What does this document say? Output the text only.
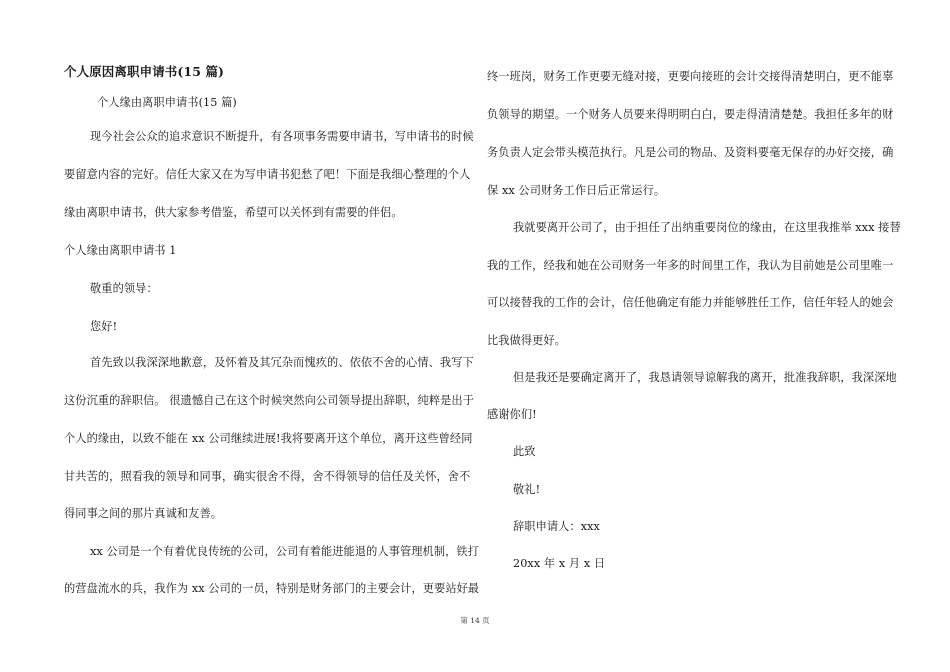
个人原因离职申请书(15 篇)
个人缘由离职申请书(15 篇)
现今社会公众的追求意识不断提升，有各项事务需要申请书，写申请书的时候
要留意内容的完好。信任大家又在为写申请书犯愁了吧！下面是我细心整理的个人
缘由离职申请书，供大家参考借鉴，希望可以关怀到有需要的伴侣。
个人缘由离职申请书 1
敬重的领导：
您好!
首先致以我深深地歉意，及怀着及其冗杂而愧疚的、依依不舍的心情、我写下
这份沉重的辞职信。 很遗憾自己在这个时候突然向公司领导提出辞职，纯粹是出于
个人的缘由，以致不能在 xx 公司继续进展!我将要离开这个单位，离开这些曾经同
甘共苦的，照看我的领导和同事，确实很舍不得，舍不得领导的信任及关怀，舍不
得同事之间的那片真诚和友善。
xx 公司是一个有着优良传统的公司，公司有着能进能退的人事管理机制，铁打
的营盘流水的兵，我作为 xx 公司的一员，特别是财务部门的主要会计，更要站好最
终一班岗，财务工作更要无缝对接，更要向接班的会计交接得清楚明白，更不能辜
负领导的期望。一个财务人员要来得明明白白，要走得清清楚楚。我担任多年的财
务负责人定会带头模范执行。凡是公司的物品、及资料要毫无保存的办好交接，确
保 xx 公司财务工作日后正常运行。
我就要离开公司了，由于担任了出纳重要岗位的缘由，在这里我推举 xxx 接替
我的工作，经我和她在公司财务一年多的时间里工作，我认为目前她是公司里唯一
可以接替我的工作的会计，信任他确定有能力并能够胜任工作，信任年轻人的她会
比我做得更好。
但是我还是要确定离开了，我恳请领导谅解我的离开，批准我辞职，我深深地
感谢你们!
此致
敬礼!
辞职申请人：xxx
20xx 年 x 月 x 日
第 14 页
